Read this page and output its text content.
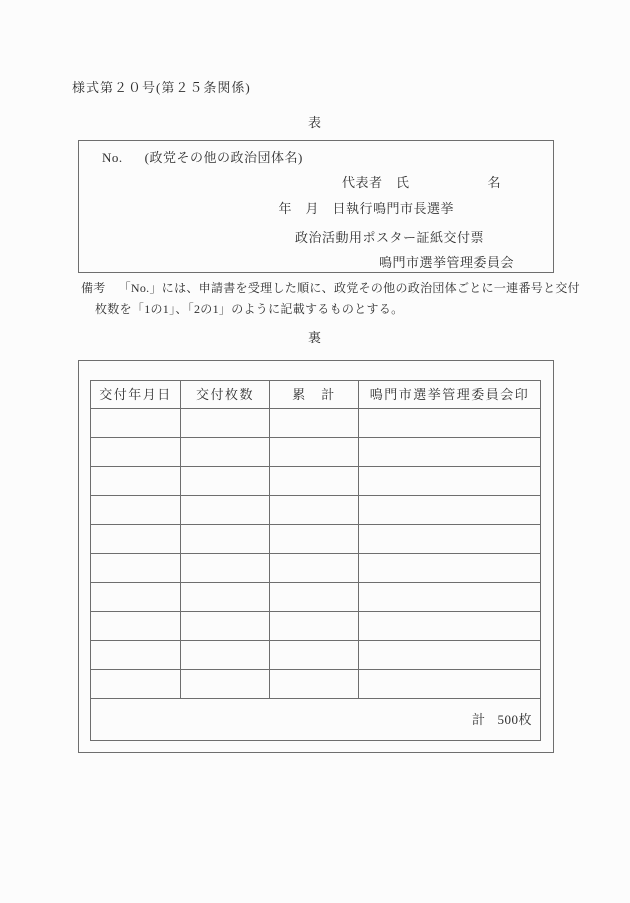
様式第２０号(第２５条関係)
表
No. (政党その他の政治団体名)
代表者　氏	名
年　月　日執行鳴門市長選挙
政治活動用ポスター証紙交付票
鳴門市選挙管理委員会
備考 「No.」には、申請書を受理した順に、政党その他の政治団体ごとに一連番号と交付
枚数を「1の1」、「2の1」のように記載するものとする。
裏
交付年月日	交付枚数	累　計	鳴門市選挙管理委員会印

計 500枚			
